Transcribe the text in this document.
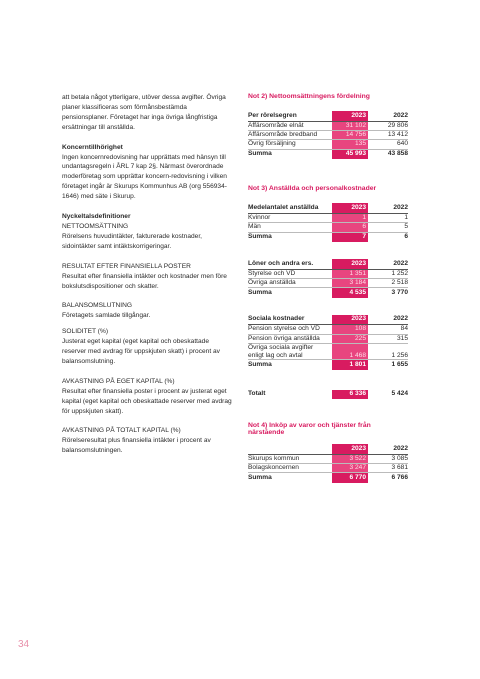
att betala något ytterligare, utöver dessa avgifter. Övriga planer klassificeras som förmånsbestämda pensionsplaner. Företaget har inga övriga långfristiga ersättningar till anställda.

Koncerntillhörighet

Ingen koncernredovisning har upprättats med hänsyn till undantagsregeln i ÅRL 7 kap 2§. Närmast överordnade moderföretag som upprättar koncern-redovisning i vilken företaget ingår är Skurups Kommunhus AB (org 556934-1646) med säte i Skurup.

Nyckeltalsdefinitioner

NETTOOMSÄTTNING

Rörelsens huvudintäkter, fakturerade kostnader, sidointäkter samt intäktskorrigeringar.

RESULTAT EFTER FINANSIELLA POSTER

Resultat efter finansiella intäkter och kostnader men före bokslutsdispositioner och skatter.

BALANSOMSLUTNING

Företagets samlade tillgångar.

SOLIDITET (%)

Justerat eget kapital (eget kapital och obeskattade reserver med avdrag för uppskjuten skatt) i procent av balansomslutning.

AVKASTNING PÅ EGET KAPITAL (%)

Resultat efter finansiella poster i procent av justerat eget kapital (eget kapital och obeskattade reserver med avdrag för uppskjuten skatt).

AVKASTNING PÅ TOTALT KAPITAL (%)

Rörelseresultat plus finansiella intäkter i procent av balansomslutningen.

34

Not 2) Nettoomsättningens fördelning

Per rörelsegren	2023	2022
Affärsområde elnät	31 102	29 806
Affärsområde bredband	14 756	13 412
Övrig försäljning	135	640
Summa	45 993	43 858

Not 3) Anställda och personalkostnader

Medelantalet anställda	2023	2022
Kvinnor	1	1
Män	6	5
Summa	7	6
Löner och andra ers.	2023	2022
Styrelse och VD	1 351	1 252
Övriga anställda	3 184	2 518
Summa	4 535	3 770
Sociala kostnader	2023	2022
Pension styrelse och VD	108	84
Pension övriga anställda	225	315
Övriga sociala avgifter
enligt lag och avtal	1 468	1 256
Summa	1 801	1 655
Totalt	6 336	5 424

Not 4) Inköp av varor och tjänster från närstående

	2023	2022
Skurups kommun	3 522	3 085
Bolagskoncernen	3 247	3 681
Summa	6 770	6 766
